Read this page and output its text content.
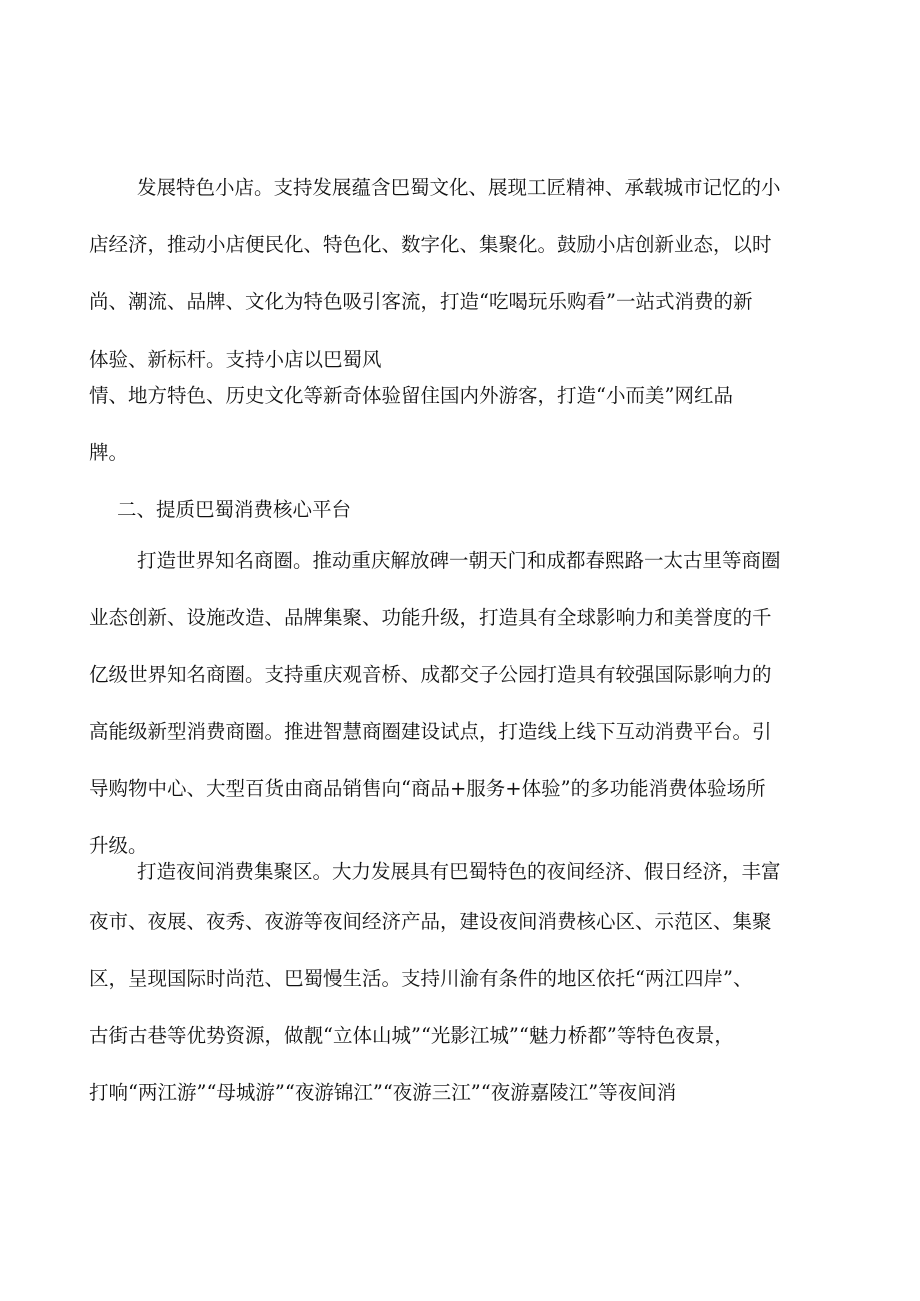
发展特色小店。支持发展蕴含巴蜀文化、展现工匠精神、承载城市记忆的小
店经济，推动小店便民化、特色化、数字化、集聚化。鼓励小店创新业态，以时
尚、潮流、品牌、文化为特色吸引客流，打造“吃喝玩乐购看”一站式消费的新
体验、新标杆。支持小店以巴蜀风
情、地方特色、历史文化等新奇体验留住国内外游客，打造“小而美”网红品
牌。
二、提质巴蜀消费核心平台
打造世界知名商圈。推动重庆解放碑一朝天门和成都春熙路一太古里等商圈
业态创新、设施改造、品牌集聚、功能升级，打造具有全球影响力和美誉度的千
亿级世界知名商圈。支持重庆观音桥、成都交子公园打造具有较强国际影响力的
高能级新型消费商圈。推进智慧商圈建设试点，打造线上线下互动消费平台。引
导购物中心、大型百货由商品销售向“商品+服务+体验”的多功能消费体验场所
升级。
打造夜间消费集聚区。大力发展具有巴蜀特色的夜间经济、假日经济，丰富
夜市、夜展、夜秀、夜游等夜间经济产品，建设夜间消费核心区、示范区、集聚
区，呈现国际时尚范、巴蜀慢生活。支持川渝有条件的地区依托“两江四岸”、
古街古巷等优势资源，做靓“立体山城”“光影江城”“魅力桥都”等特色夜景，
打响“两江游”“母城游”“夜游锦江”“夜游三江”“夜游嘉陵江”等夜间消
